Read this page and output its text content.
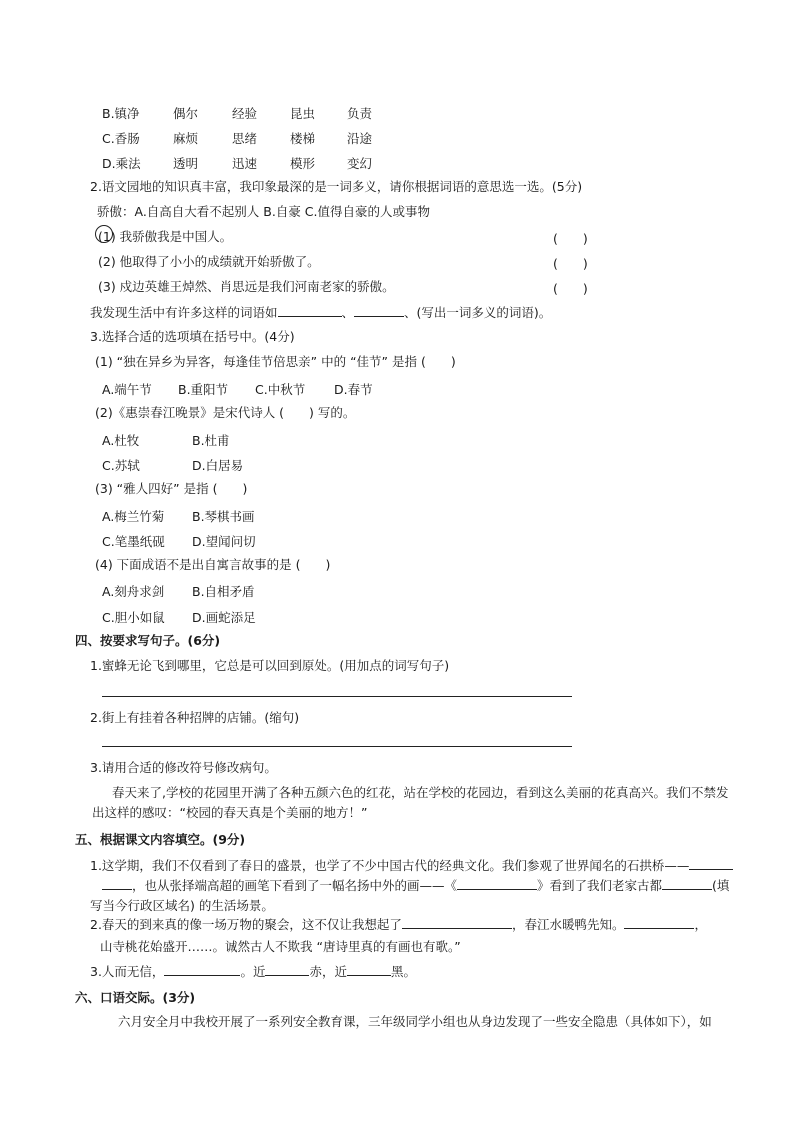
B.镇净	偶尔	经验	昆虫	负责
C.香肠	麻烦	思绪	楼梯	沿途
D.乘法	透明	迅速	模形	变幻
2.语文园地的知识真丰富，我印象最深的是一词多义，请你根据词语的意思选一选。(5分)
骄傲：A.自高自大看不起别人 B.自豪 C.值得自豪的人或事物
(1) 我骄傲我是中国人。	(　　)
(2) 他取得了小小的成绩就开始骄傲了。	(　　)
(3) 戍边英雄王焯然、肖思远是我们河南老家的骄傲。	(　　)
我发现生活中有许多这样的词语如	、	、(写出一词多义的词语)。
3.选择合适的选项填在括号中。(4分)
(1) “独在异乡为异客，每逢佳节倍思亲” 中的 “佳节” 是指 (　　)
A.端午节 B.重阳节 C.中秋节 D.春节
(2)《惠崇春江晚景》是宋代诗人 (　　) 写的。
A.杜牧	B.杜甫
C.苏轼	D.白居易
(3) “雅人四好” 是指 (　　)
A.梅兰竹菊 B.琴棋书画
C.笔墨纸砚 D.望闻问切
(4) 下面成语不是出自寓言故事的是 (　　)
A.刻舟求剑 B.自相矛盾
C.胆小如鼠 D.画蛇添足
四、按要求写句子。(6分)
1.蜜蜂无论飞到哪里，它总是可以回到原处。(用加点的词写句子)
2.街上有挂着各种招牌的店铺。(缩句)
3.请用合适的修改符号修改病句。
春天来了,学校的花园里开满了各种五颜六色的红花，站在学校的花园边，看到这么美丽的花真高兴。我们不禁发出这样的感叹：“校园的春天真是个美丽的地方！”
五、根据课文内容填空。(9分)
1.这学期，我们不仅看到了春日的盛景，也学了不少中国古代的经典文化。我们参观了世界闻名的石拱桥——，也从张择端高超的画笔下看到了一幅名扬中外的画——《	》看到了我们老家古都	(填写当今行政区域名) 的生活场景。
2.春天的到来真的像一场万物的聚会，这不仅让我想起了	，春江水暖鸭先知。	，
山寺桃花始盛开……。诚然古人不欺我 “唐诗里真的有画也有歌。”
3.人而无信，	。近	赤，近	黑。
六、口语交际。(3分)
六月安全月中我校开展了一系列安全教育课，三年级同学小组也从身边发现了一些安全隐患（具体如下），如
